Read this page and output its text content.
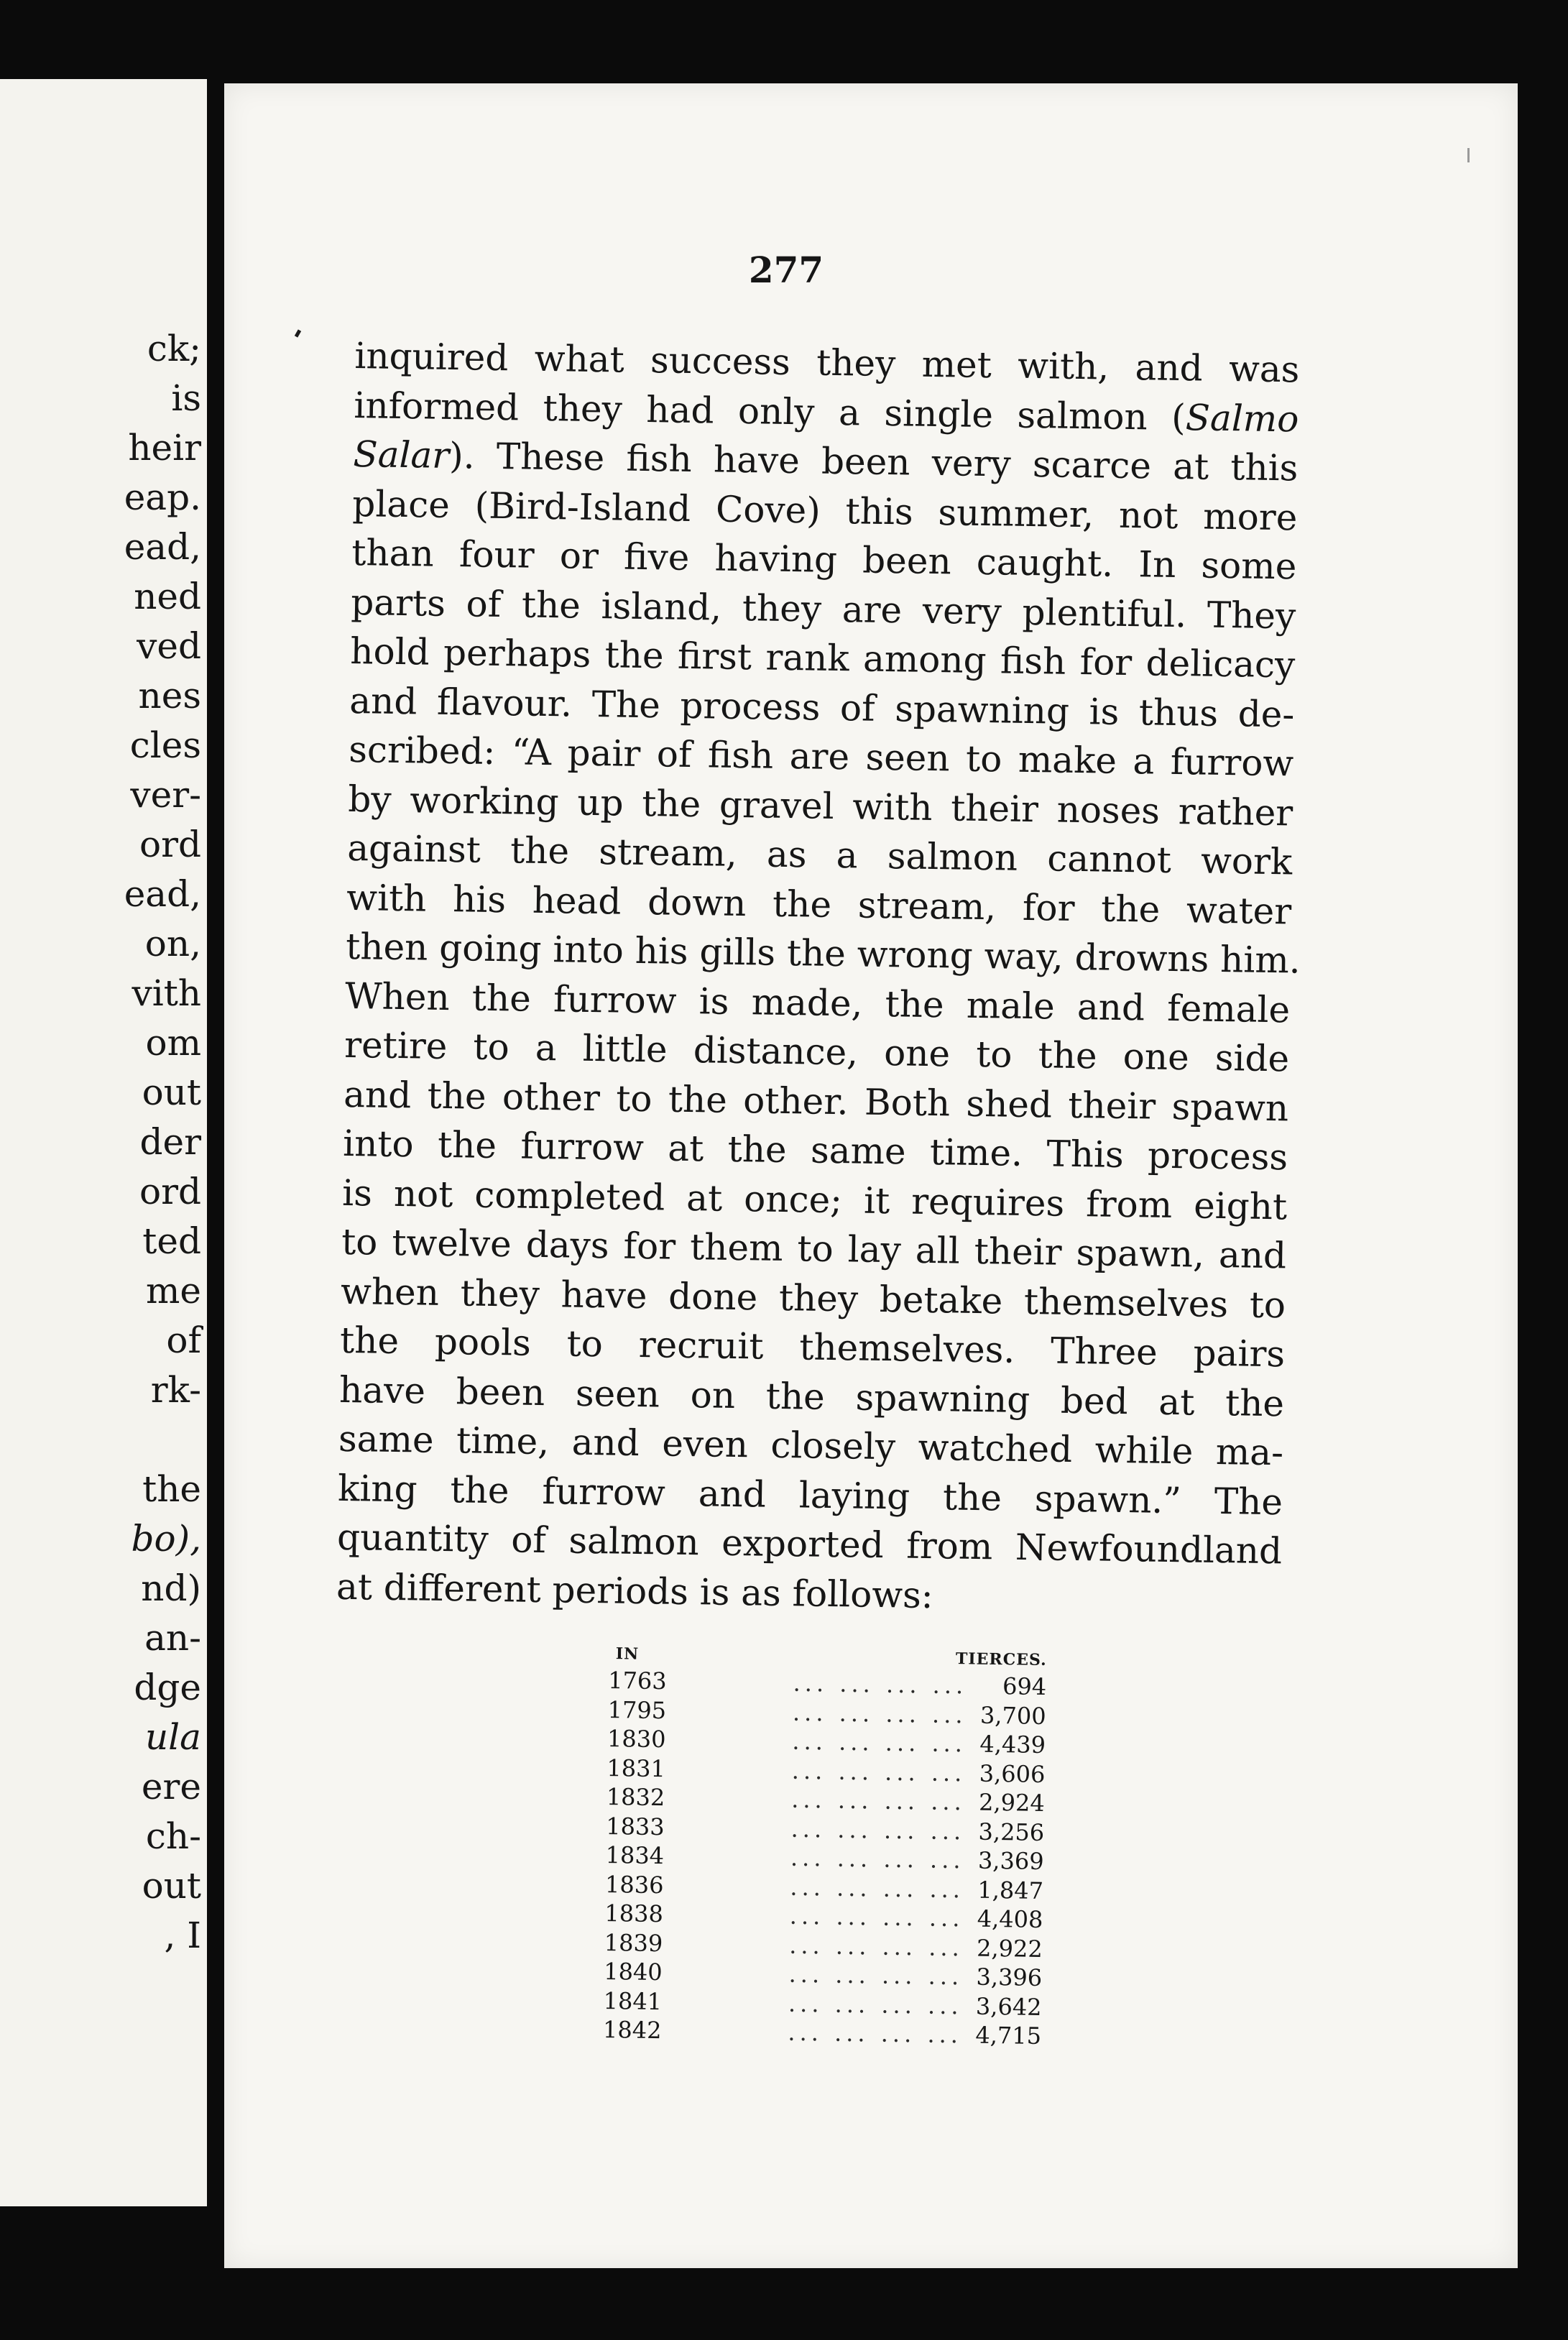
ck;
is
heir
eap.
ead,
ned
ved
nes
cles
ver-
ord
ead,
on,
vith
om
out
der
ord
ted
me
of
rk-
the
bo),
nd)
an-
dge
ula
ere
ch-
out
, I
277
inquired what success they met with, and was
informed they had only a single salmon (Salmo
Salar). These fish have been very scarce at this
place (Bird-Island Cove) this summer, not more
than four or five having been caught. In some
parts of the island, they are very plentiful. They
hold perhaps the first rank among fish for delicacy
and flavour. The process of spawning is thus de-
scribed: “A pair of fish are seen to make a furrow
by working up the gravel with their noses rather
against the stream, as a salmon cannot work
with his head down the stream, for the water
then going into his gills the wrong way, drowns him.
When the furrow is made, the male and female
retire to a little distance, one to the one side
and the other to the other. Both shed their spawn
into the furrow at the same time. This process
is not completed at once; it requires from eight
to twelve days for them to lay all their spawn, and
when they have done they betake themselves to
the pools to recruit themselves. Three pairs
have been seen on the spawning bed at the
same time, and even closely watched while ma-
king the furrow and laying the spawn.” The
quantity of salmon exported from Newfoundland
at different periods is as follows:
IN	TIERCES.
1763	... ... ... ... 694
1795	... ... ... ... 3,700
1830	... ... ... ... 4,439
1831	... ... ... ... 3,606
1832	... ... ... ... 2,924
1833	... ... ... ... 3,256
1834	... ... ... ... 3,369
1836	... ... ... ... 1,847
1838	... ... ... ... 4,408
1839	... ... ... ... 2,922
1840	... ... ... ... 3,396
1841	... ... ... ... 3,642
1842	... ... ... ... 4,715
